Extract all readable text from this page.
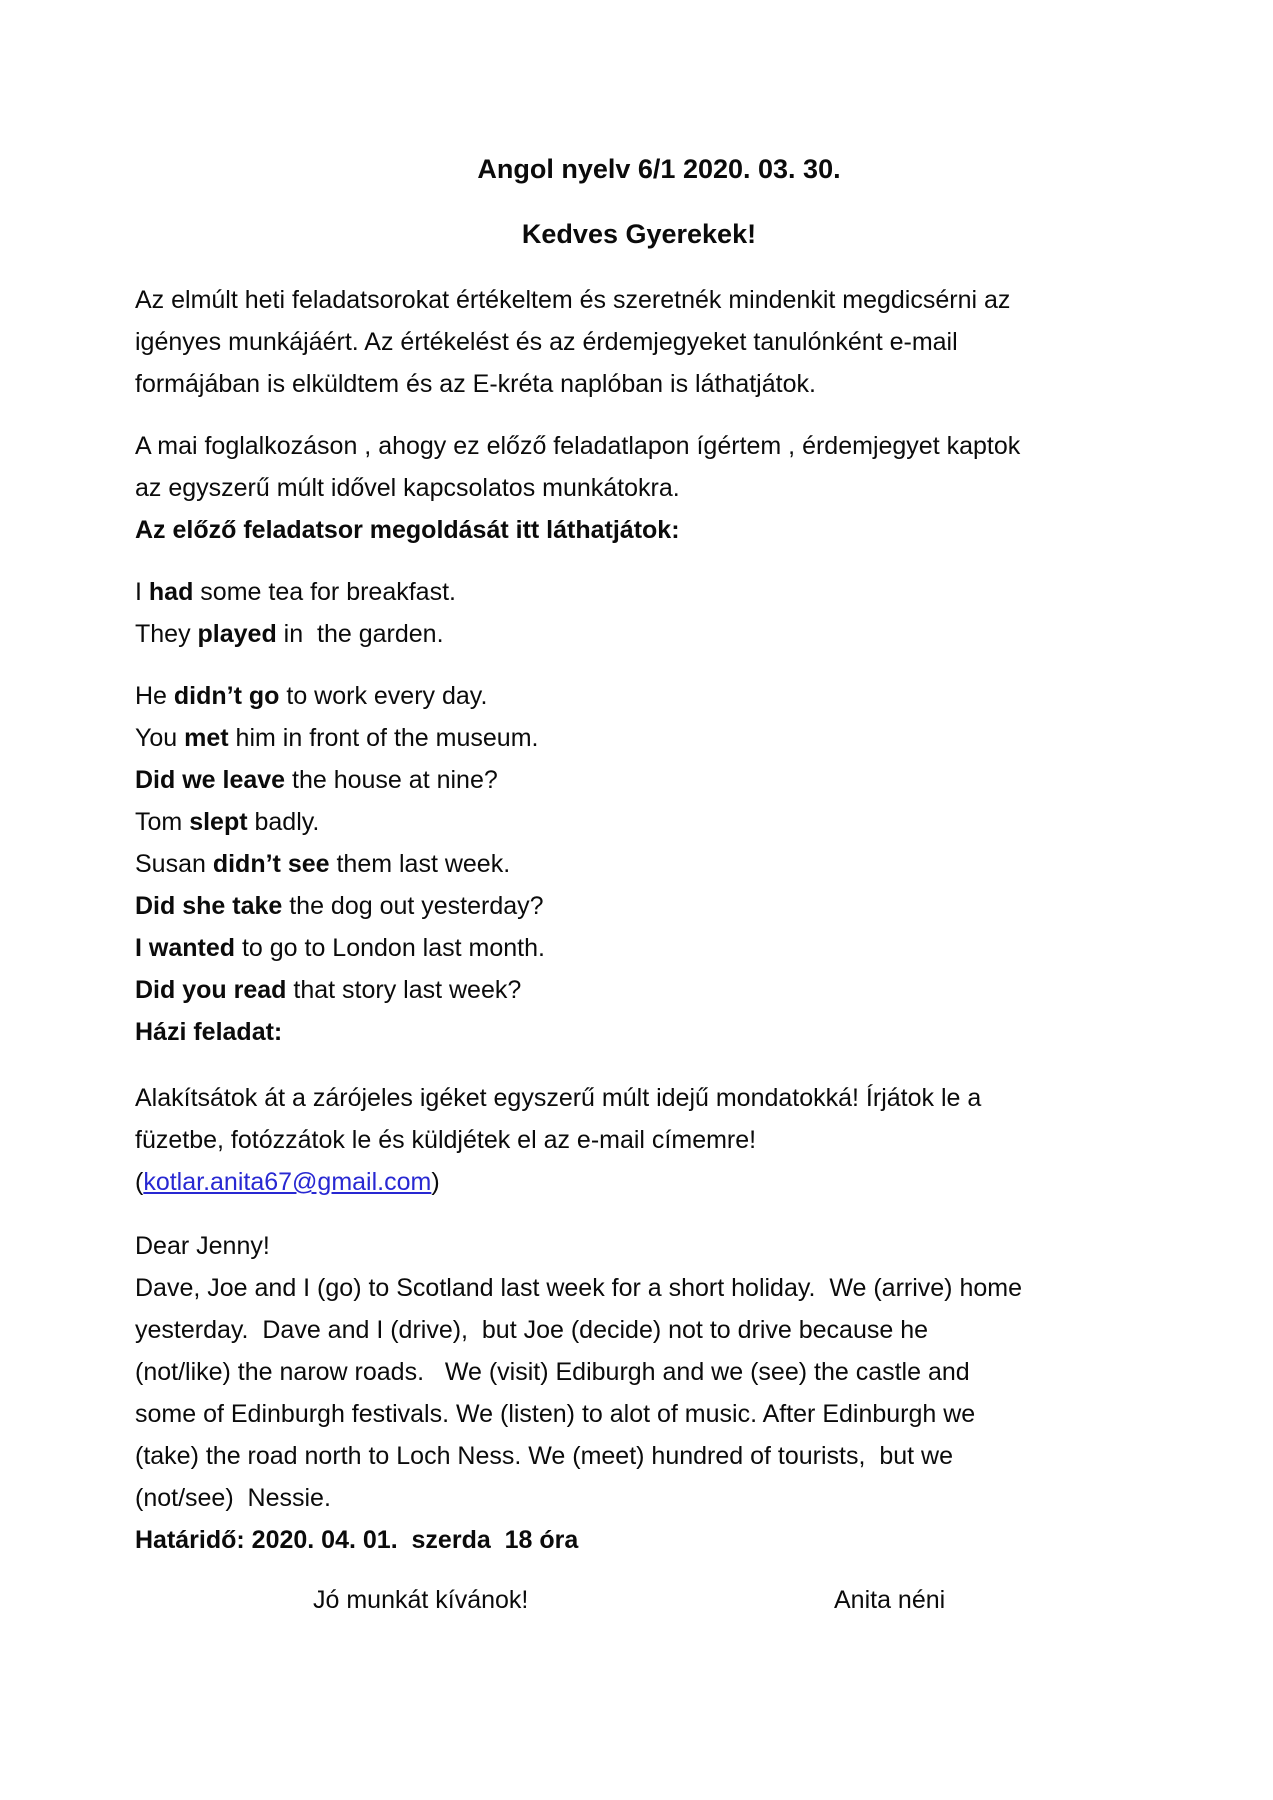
Angol nyelv 6/1 2020. 03. 30.
Kedves Gyerekek!
Az elmúlt heti feladatsorokat értékeltem és szeretnék mindenkit megdicsérni az
igényes munkájáért. Az értékelést és az érdemjegyeket tanulónként e-mail
formájában is elküldtem és az E-kréta naplóban is láthatjátok.
A mai foglalkozáson , ahogy ez előző feladatlapon ígértem , érdemjegyet kaptok
az egyszerű múlt idővel kapcsolatos munkátokra.
Az előző feladatsor megoldását itt láthatjátok:
I had some tea for breakfast.
They played in  the garden.
He didn’t go to work every day.
You met him in front of the museum.
Did we leave the house at nine?
Tom slept badly.
Susan didn’t see them last week.
Did she take the dog out yesterday?
I wanted to go to London last month.
Did you read that story last week?
Házi feladat:
Alakítsátok át a zárójeles igéket egyszerű múlt idejű mondatokká! Írjátok le a
füzetbe, fotózzátok le és küldjétek el az e-mail címemre!
(kotlar.anita67@gmail.com)
Dear Jenny!
Dave, Joe and I (go) to Scotland last week for a short holiday.  We (arrive) home
yesterday.  Dave and I (drive),  but Joe (decide) not to drive because he
(not/like) the narow roads.   We (visit) Ediburgh and we (see) the castle and
some of Edinburgh festivals. We (listen) to alot of music. After Edinburgh we
(take) the road north to Loch Ness. We (meet) hundred of tourists,  but we
(not/see)  Nessie.
Határidő: 2020. 04. 01.  szerda  18 óra
Jó munkát kívánok!	Anita néni
